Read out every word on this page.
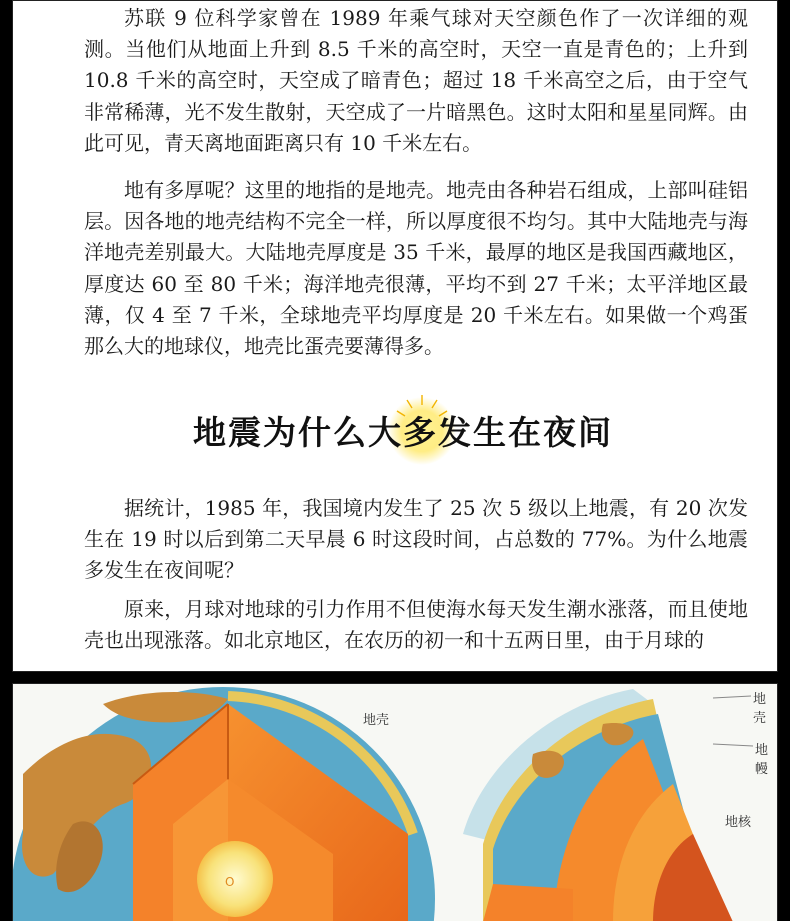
苏联 9 位科学家曾在 1989 年乘气球对天空颜色作了一次详细的观测。当他们从地面上升到 8.5 千米的高空时，天空一直是青色的；上升到 10.8 千米的高空时，天空成了暗青色；超过 18 千米高空之后，由于空气非常稀薄，光不发生散射，天空成了一片暗黑色。这时太阳和星星同辉。由此可见，青天离地面距离只有 10 千米左右。

地有多厚呢？这里的地指的是地壳。地壳由各种岩石组成，上部叫硅铝层。因各地的地壳结构不完全一样，所以厚度很不均匀。其中大陆地壳与海洋地壳差别最大。大陆地壳厚度是 35 千米，最厚的地区是我国西藏地区，厚度达 60 至 80 千米；海洋地壳很薄，平均不到 27 千米；太平洋地区最薄，仅 4 至 7 千米，全球地壳平均厚度是 20 千米左右。如果做一个鸡蛋那么大的地球仪，地壳比蛋壳要薄得多。

地震为什么大多发生在夜间

据统计，1985 年，我国境内发生了 25 次 5 级以上地震，有 20 次发生在 19 时以后到第二天早晨 6 时这段时间，占总数的 77%。为什么地震多发生在夜间呢？

原来，月球对地球的引力作用不但使海水每天发生潮水涨落，而且使地壳也出现涨落。如北京地区，在农历的初一和十五两日里，由于月球的

O
地壳
地壳
地幔
地核
